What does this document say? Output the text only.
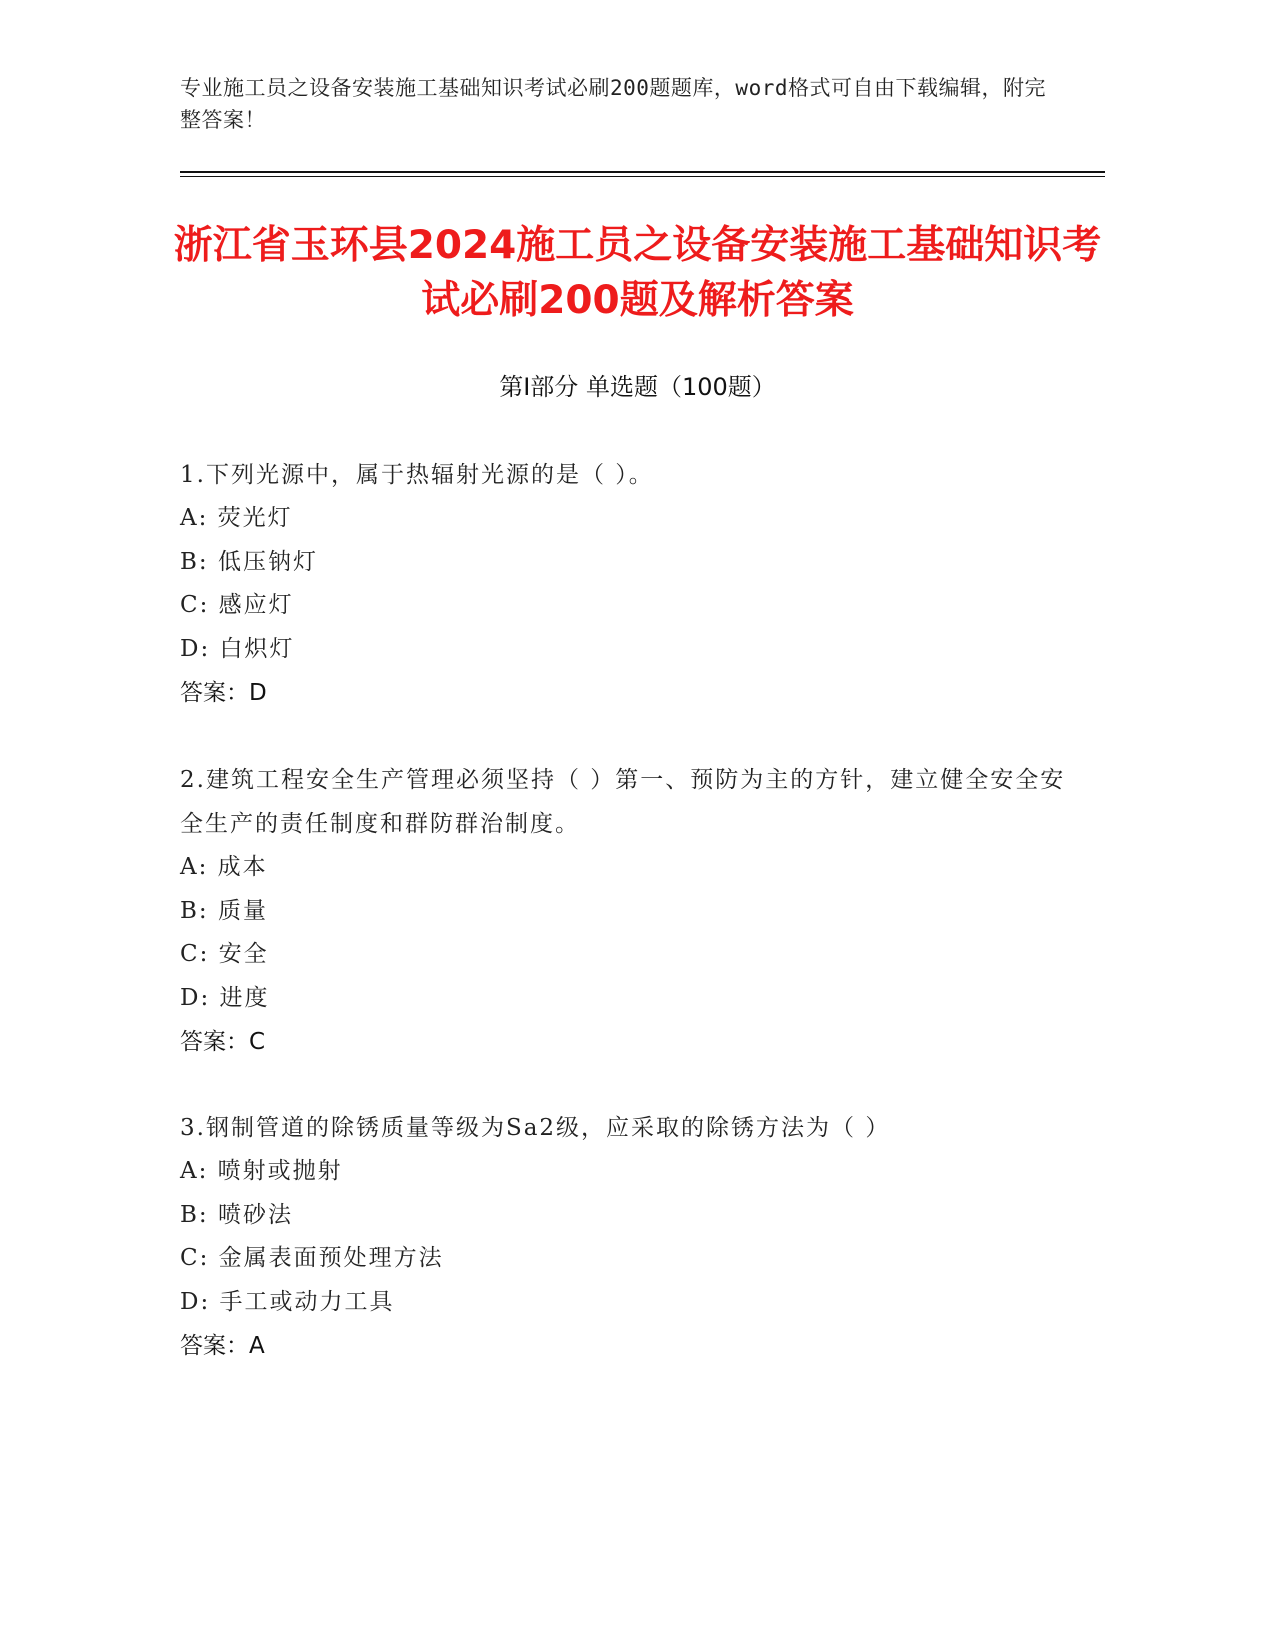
专业施工员之设备安装施工基础知识考试必刷200题题库，word格式可自由下载编辑，附完整答案！
浙江省玉环县2024施工员之设备安装施工基础知识考试必刷200题及解析答案
第Ⅰ部分 单选题（100题）
1.下列光源中，属于热辐射光源的是（ ）。
A: 荧光灯
B: 低压钠灯
C: 感应灯
D: 白炽灯
答案：D
2.建筑工程安全生产管理必须坚持（ ）第一、预防为主的方针，建立健全安全安全生产的责任制度和群防群治制度。
A: 成本
B: 质量
C: 安全
D: 进度
答案：C
3.钢制管道的除锈质量等级为Sa2级，应采取的除锈方法为（ ）
A: 喷射或抛射
B: 喷砂法
C: 金属表面预处理方法
D: 手工或动力工具
答案：A
